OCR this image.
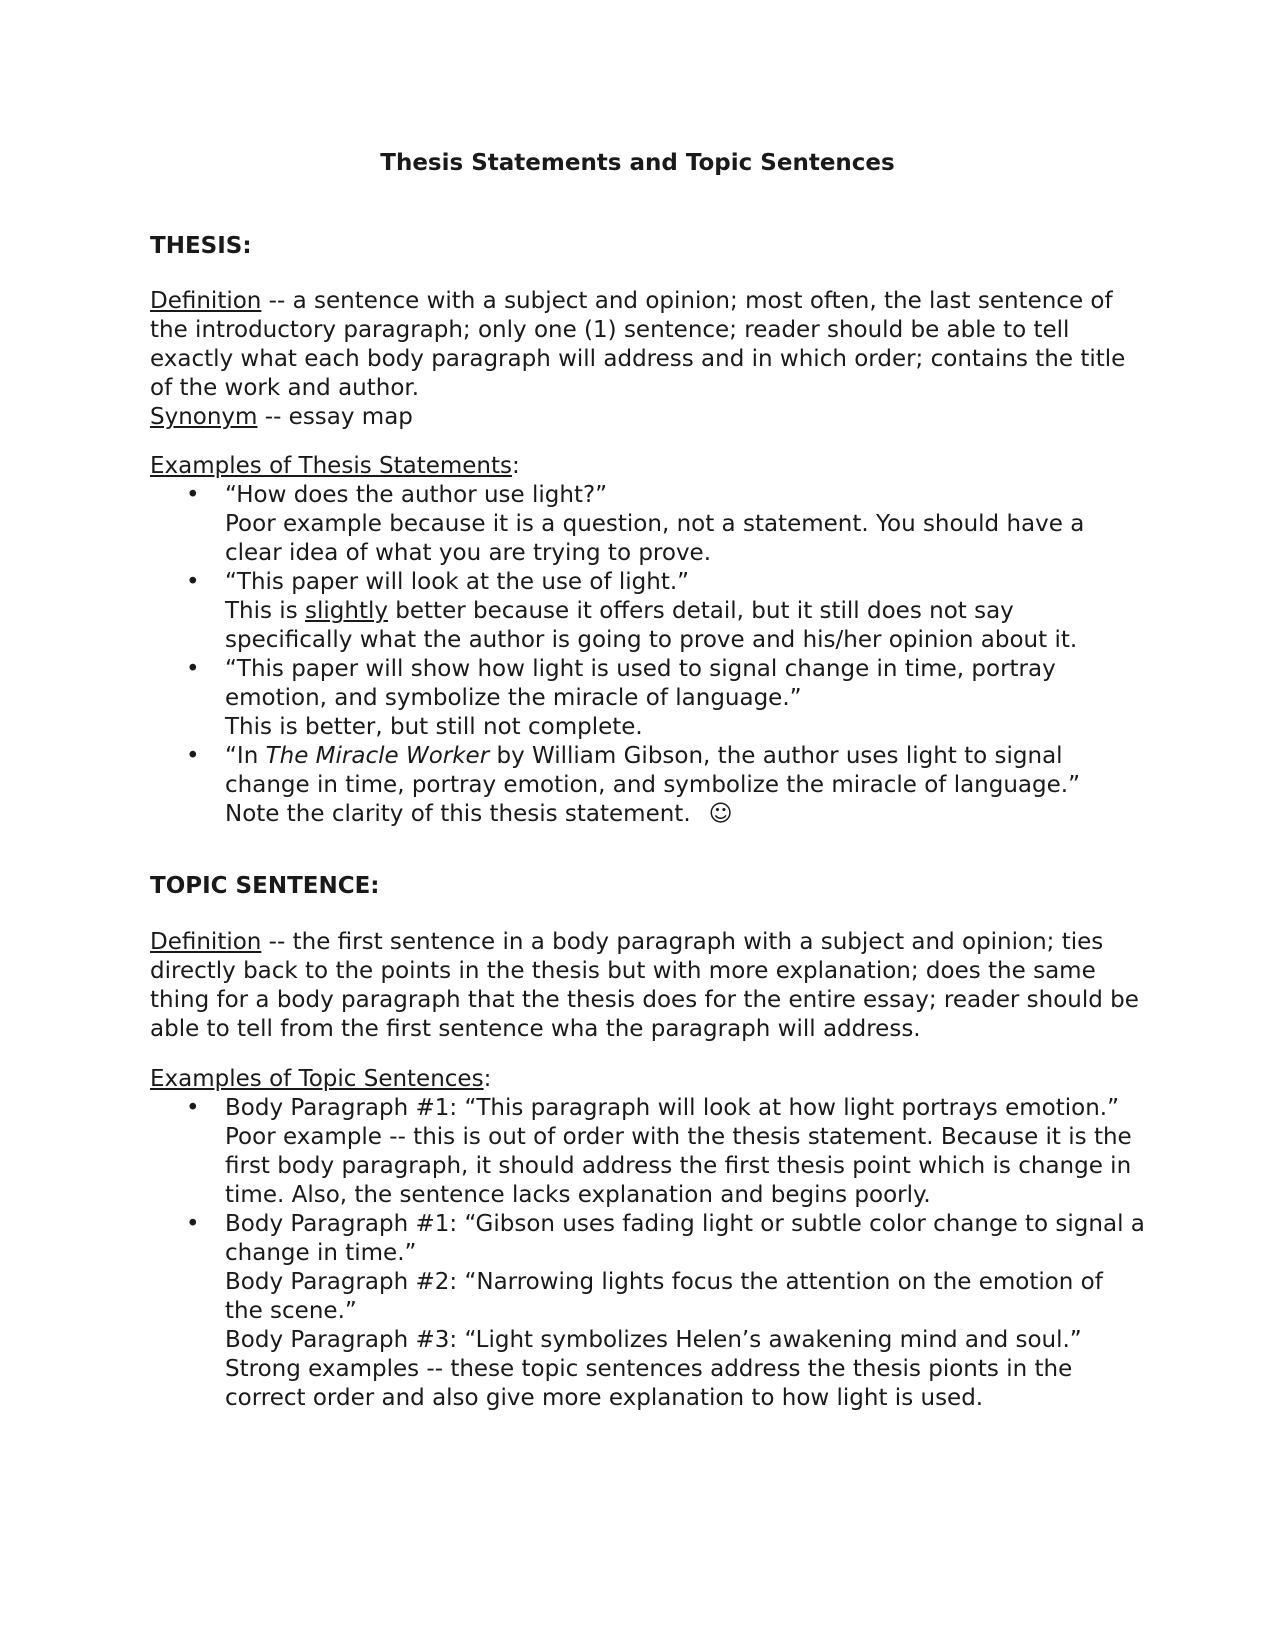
Thesis Statements and Topic Sentences
THESIS:

Definition -- a sentence with a subject and opinion; most often, the last sentence of

the introductory paragraph; only one (1) sentence; reader should be able to tell

exactly what each body paragraph will address and in which order; contains the title

of the work and author.

Synonym -- essay map

Examples of Thesis Statements:

• “How does the author use light?”

Poor example because it is a question, not a statement. You should have a

clear idea of what you are trying to prove.

• “This paper will look at the use of light.”

This is slightly better because it offers detail, but it still does not say

specifically what the author is going to prove and his/her opinion about it.

• “This paper will show how light is used to signal change in time, portray

emotion, and symbolize the miracle of language.”

This is better, but still not complete.

• “In The Miracle Worker by William Gibson, the author uses light to signal

change in time, portray emotion, and symbolize the miracle of language.”

Note the clarity of this thesis statement. ☺

TOPIC SENTENCE:

Definition -- the first sentence in a body paragraph with a subject and opinion; ties

directly back to the points in the thesis but with more explanation; does the same

thing for a body paragraph that the thesis does for the entire essay; reader should be

able to tell from the first sentence wha the paragraph will address.

Examples of Topic Sentences:

• Body Paragraph #1: “This paragraph will look at how light portrays emotion.”

Poor example -- this is out of order with the thesis statement. Because it is the

first body paragraph, it should address the first thesis point which is change in

time. Also, the sentence lacks explanation and begins poorly.

• Body Paragraph #1: “Gibson uses fading light or subtle color change to signal a

change in time.”

Body Paragraph #2: “Narrowing lights focus the attention on the emotion of

the scene.”

Body Paragraph #3: “Light symbolizes Helen’s awakening mind and soul.”

Strong examples -- these topic sentences address the thesis pionts in the

correct order and also give more explanation to how light is used.
